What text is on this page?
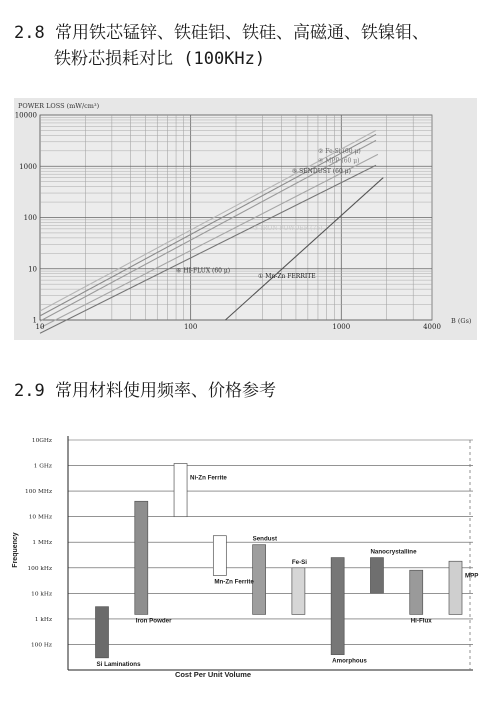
2.8 常用铁芯锰锌、铁硅铝、铁硅、高磁通、铁镍钼、
铁粉芯损耗对比 (100KHz)
10	100	1000	4000
10000
1000
100
10
1
② Fe-Si (60 μ)
④ MPP (60 μ)
⑤ SENDUST (60 μ)
③ IRON POWDER (75)
⑥ HI-FLUX (60 μ)
① Mn-Zn FERRITE
POWER LOSS (mW/cm³)
B (Gs)
2.9 常用材料使用频率、价格参考
10GHz
1 GHz
100 MHz
10 MHz
1 MHz
100 kHz
10 kHz
1 kHz
100 Hz
Si Laminations
Iron Powder
Ni-Zn Ferrite
Mn-Zn Ferrite
Sendust
Fe-Si
Amorphous
Nanocrystalline
Hi-Flux
MPP
Frequency
Cost Per Unit Volume
